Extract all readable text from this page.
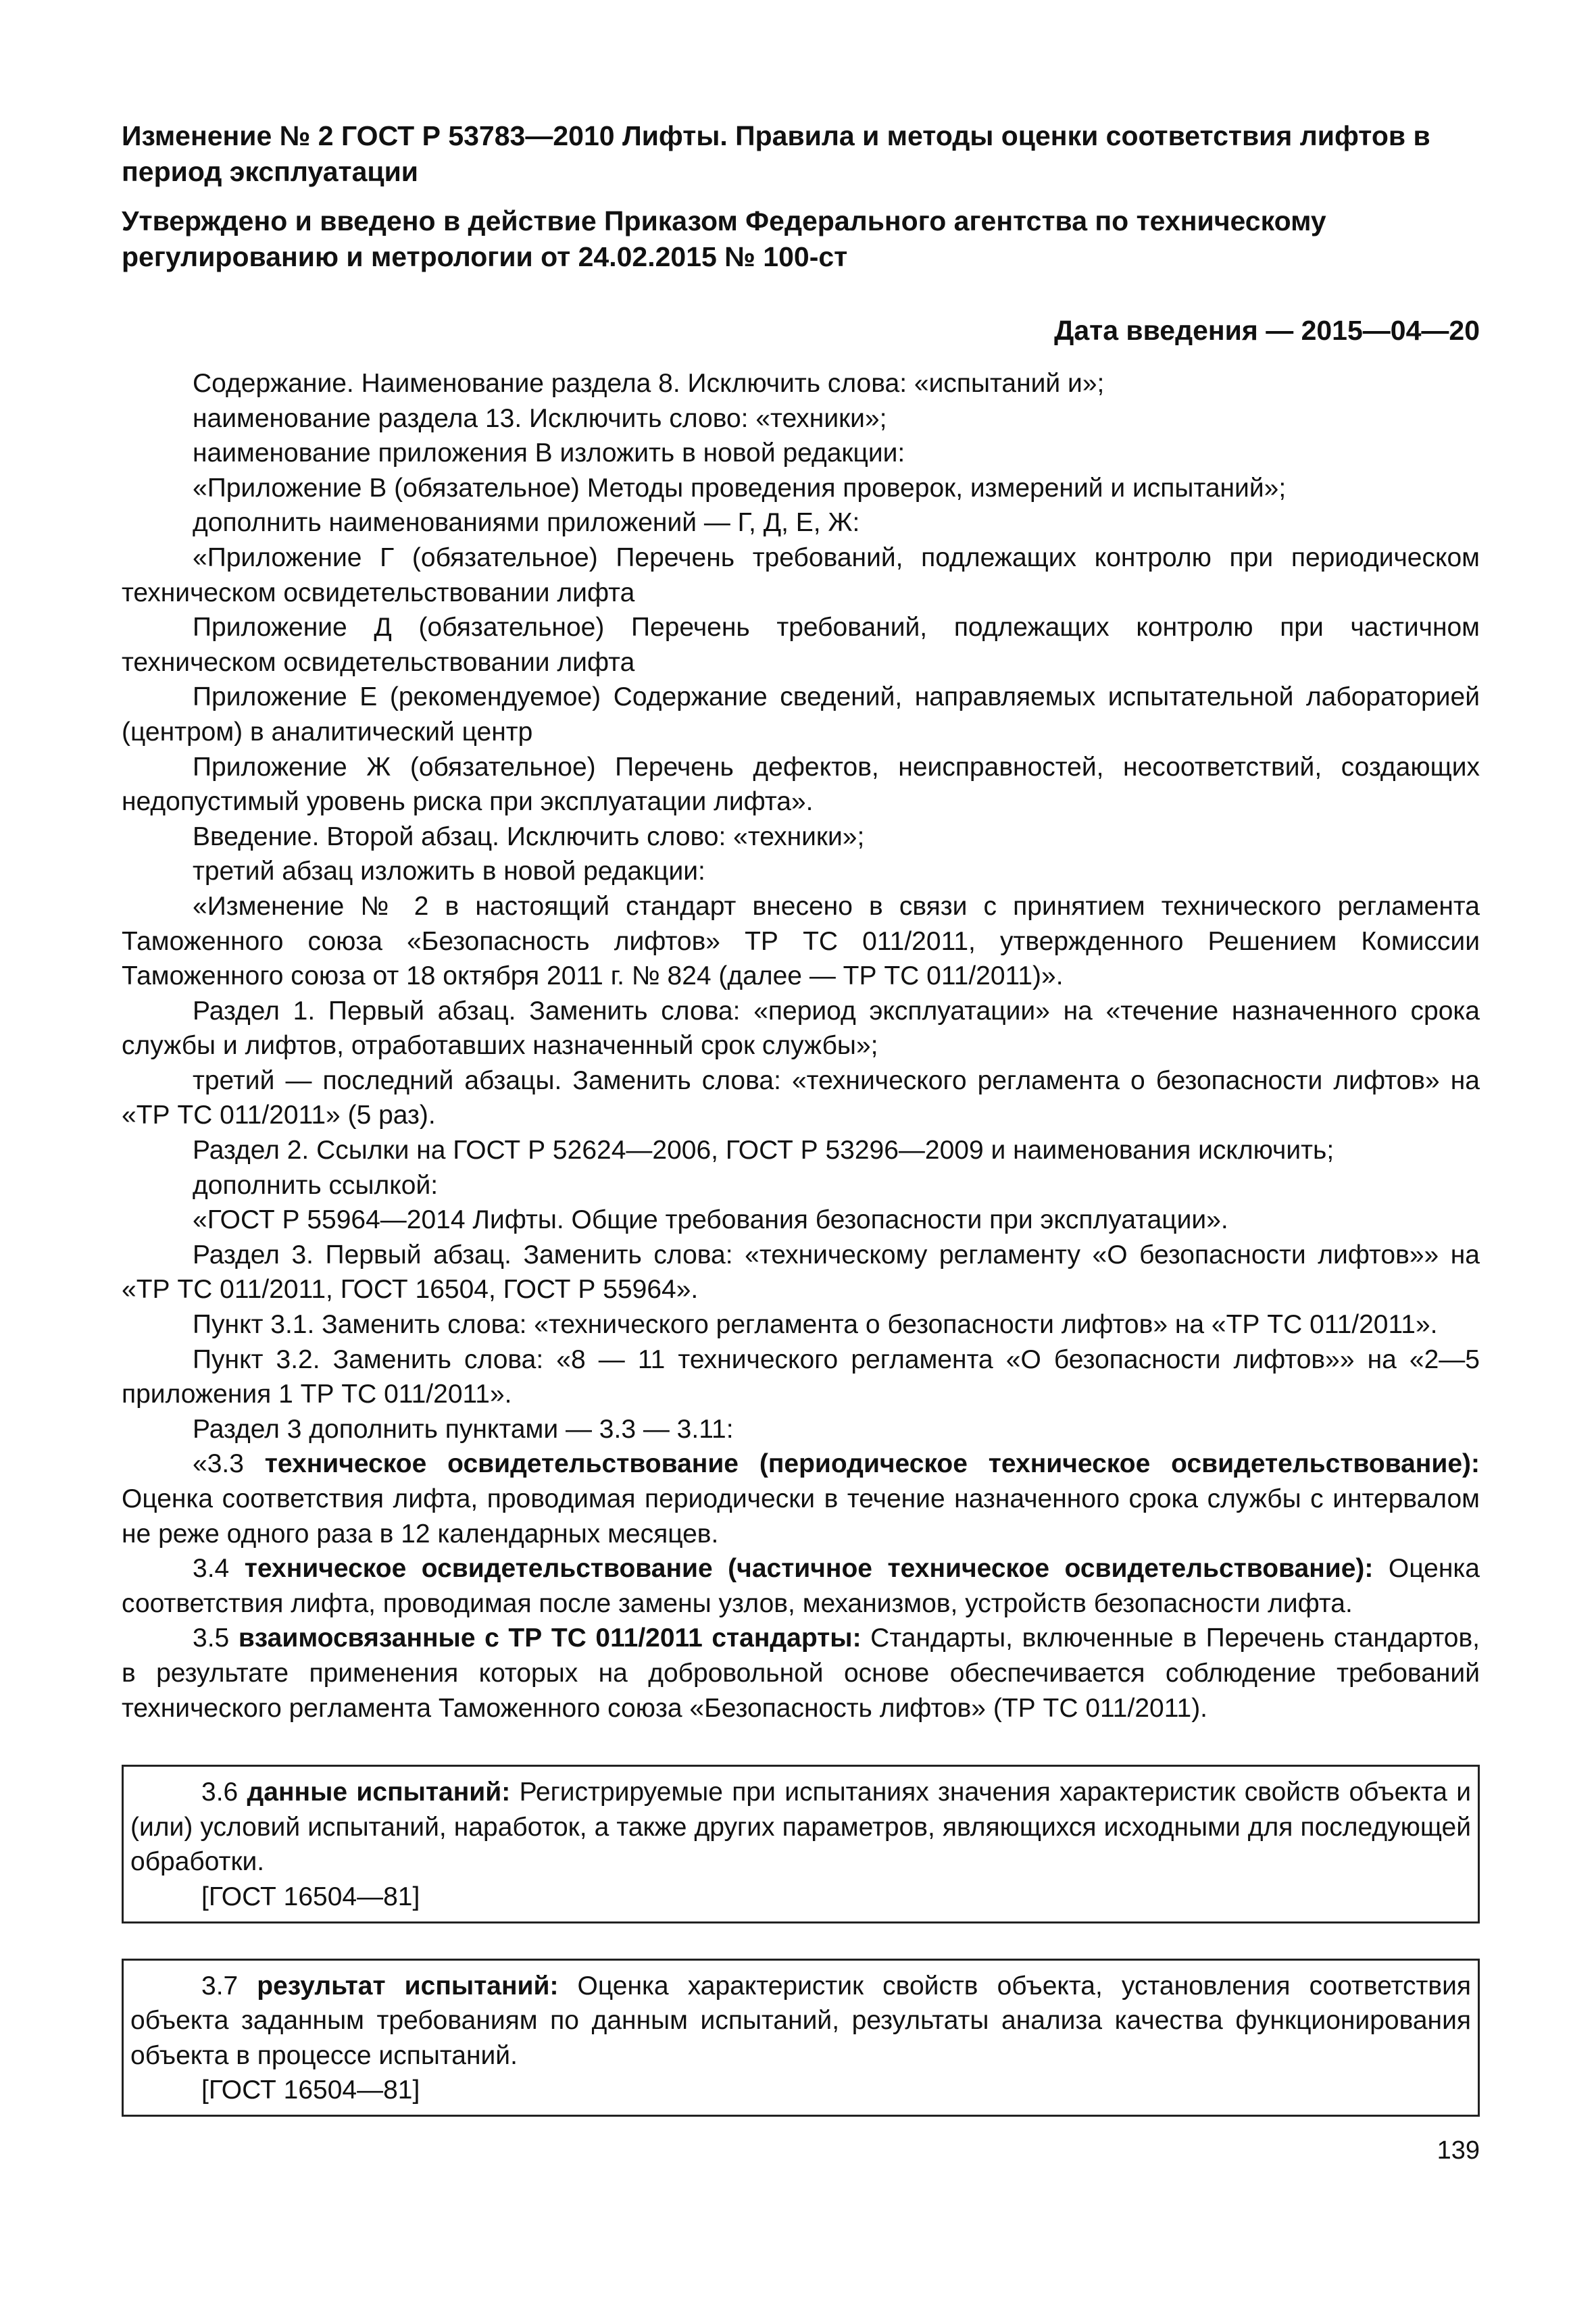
Изменение № 2 ГОСТ Р 53783—2010 Лифты. Правила и методы оценки соответствия лифтов в период эксплуатации
Утверждено и введено в действие Приказом Федерального агентства по техническому регулированию и метрологии от 24.02.2015 № 100-ст
Дата введения — 2015—04—20

Содержание. Наименование раздела 8. Исключить слова: «испытаний и»;

наименование раздела 13. Исключить слово: «техники»;

наименование приложения В изложить в новой редакции:

«Приложение В (обязательное) Методы проведения проверок, измерений и испытаний»;

дополнить наименованиями приложений — Г, Д, Е, Ж:

«Приложение Г (обязательное) Перечень требований, подлежащих контролю при периодическом техническом освидетельствовании лифта

Приложение Д (обязательное) Перечень требований, подлежащих контролю при частичном техническом освидетельствовании лифта

Приложение Е (рекомендуемое) Содержание сведений, направляемых испытательной лабораторией (центром) в аналитический центр

Приложение Ж (обязательное) Перечень дефектов, неисправностей, несоответствий, создающих недопустимый уровень риска при эксплуатации лифта».

Введение. Второй абзац. Исключить слово: «техники»;

третий абзац изложить в новой редакции:

«Изменение № 2 в настоящий стандарт внесено в связи с принятием технического регламента Таможенного союза «Безопасность лифтов» ТР ТС 011/2011, утвержденного Решением Комиссии Таможенного союза от 18 октября 2011 г. № 824 (далее — ТР ТС 011/2011)».

Раздел 1. Первый абзац. Заменить слова: «период эксплуатации» на «течение назначенного срока службы и лифтов, отработавших назначенный срок службы»;

третий — последний абзацы. Заменить слова: «технического регламента о безопасности лифтов» на «ТР ТС 011/2011» (5 раз).

Раздел 2. Ссылки на ГОСТ Р 52624—2006, ГОСТ Р 53296—2009 и наименования исключить;

дополнить ссылкой:

«ГОСТ Р 55964—2014 Лифты. Общие требования безопасности при эксплуатации».

Раздел 3. Первый абзац. Заменить слова: «техническому регламенту «О безопасности лифтов»» на «ТР ТС 011/2011, ГОСТ 16504, ГОСТ Р 55964».

Пункт 3.1. Заменить слова: «технического регламента о безопасности лифтов» на «ТР ТС 011/2011».

Пункт 3.2. Заменить слова: «8 — 11 технического регламента «О безопасности лифтов»» на «2—5 приложения 1 ТР ТС 011/2011».

Раздел 3 дополнить пунктами — 3.3 — 3.11:

«3.3 техническое освидетельствование (периодическое техническое освидетельствование): Оценка соответствия лифта, проводимая периодически в течение назначенного срока службы с интервалом не реже одного раза в 12 календарных месяцев.

3.4 техническое освидетельствование (частичное техническое освидетельствование): Оценка соответствия лифта, проводимая после замены узлов, механизмов, устройств безопасности лифта.

3.5 взаимосвязанные с ТР ТС 011/2011 стандарты: Стандарты, включенные в Перечень стандартов, в результате применения которых на добровольной основе обеспечивается соблюдение требований технического регламента Таможенного союза «Безопасность лифтов» (ТР ТС 011/2011).

3.6 данные испытаний: Регистрируемые при испытаниях значения характеристик свойств объекта и (или) условий испытаний, наработок, а также других параметров, являющихся исходными для последующей обработки.

[ГОСТ 16504—81]

3.7 результат испытаний: Оценка характеристик свойств объекта, установления соответствия объекта заданным требованиям по данным испытаний, результаты анализа качества функционирования объекта в процессе испытаний.

[ГОСТ 16504—81]

139
